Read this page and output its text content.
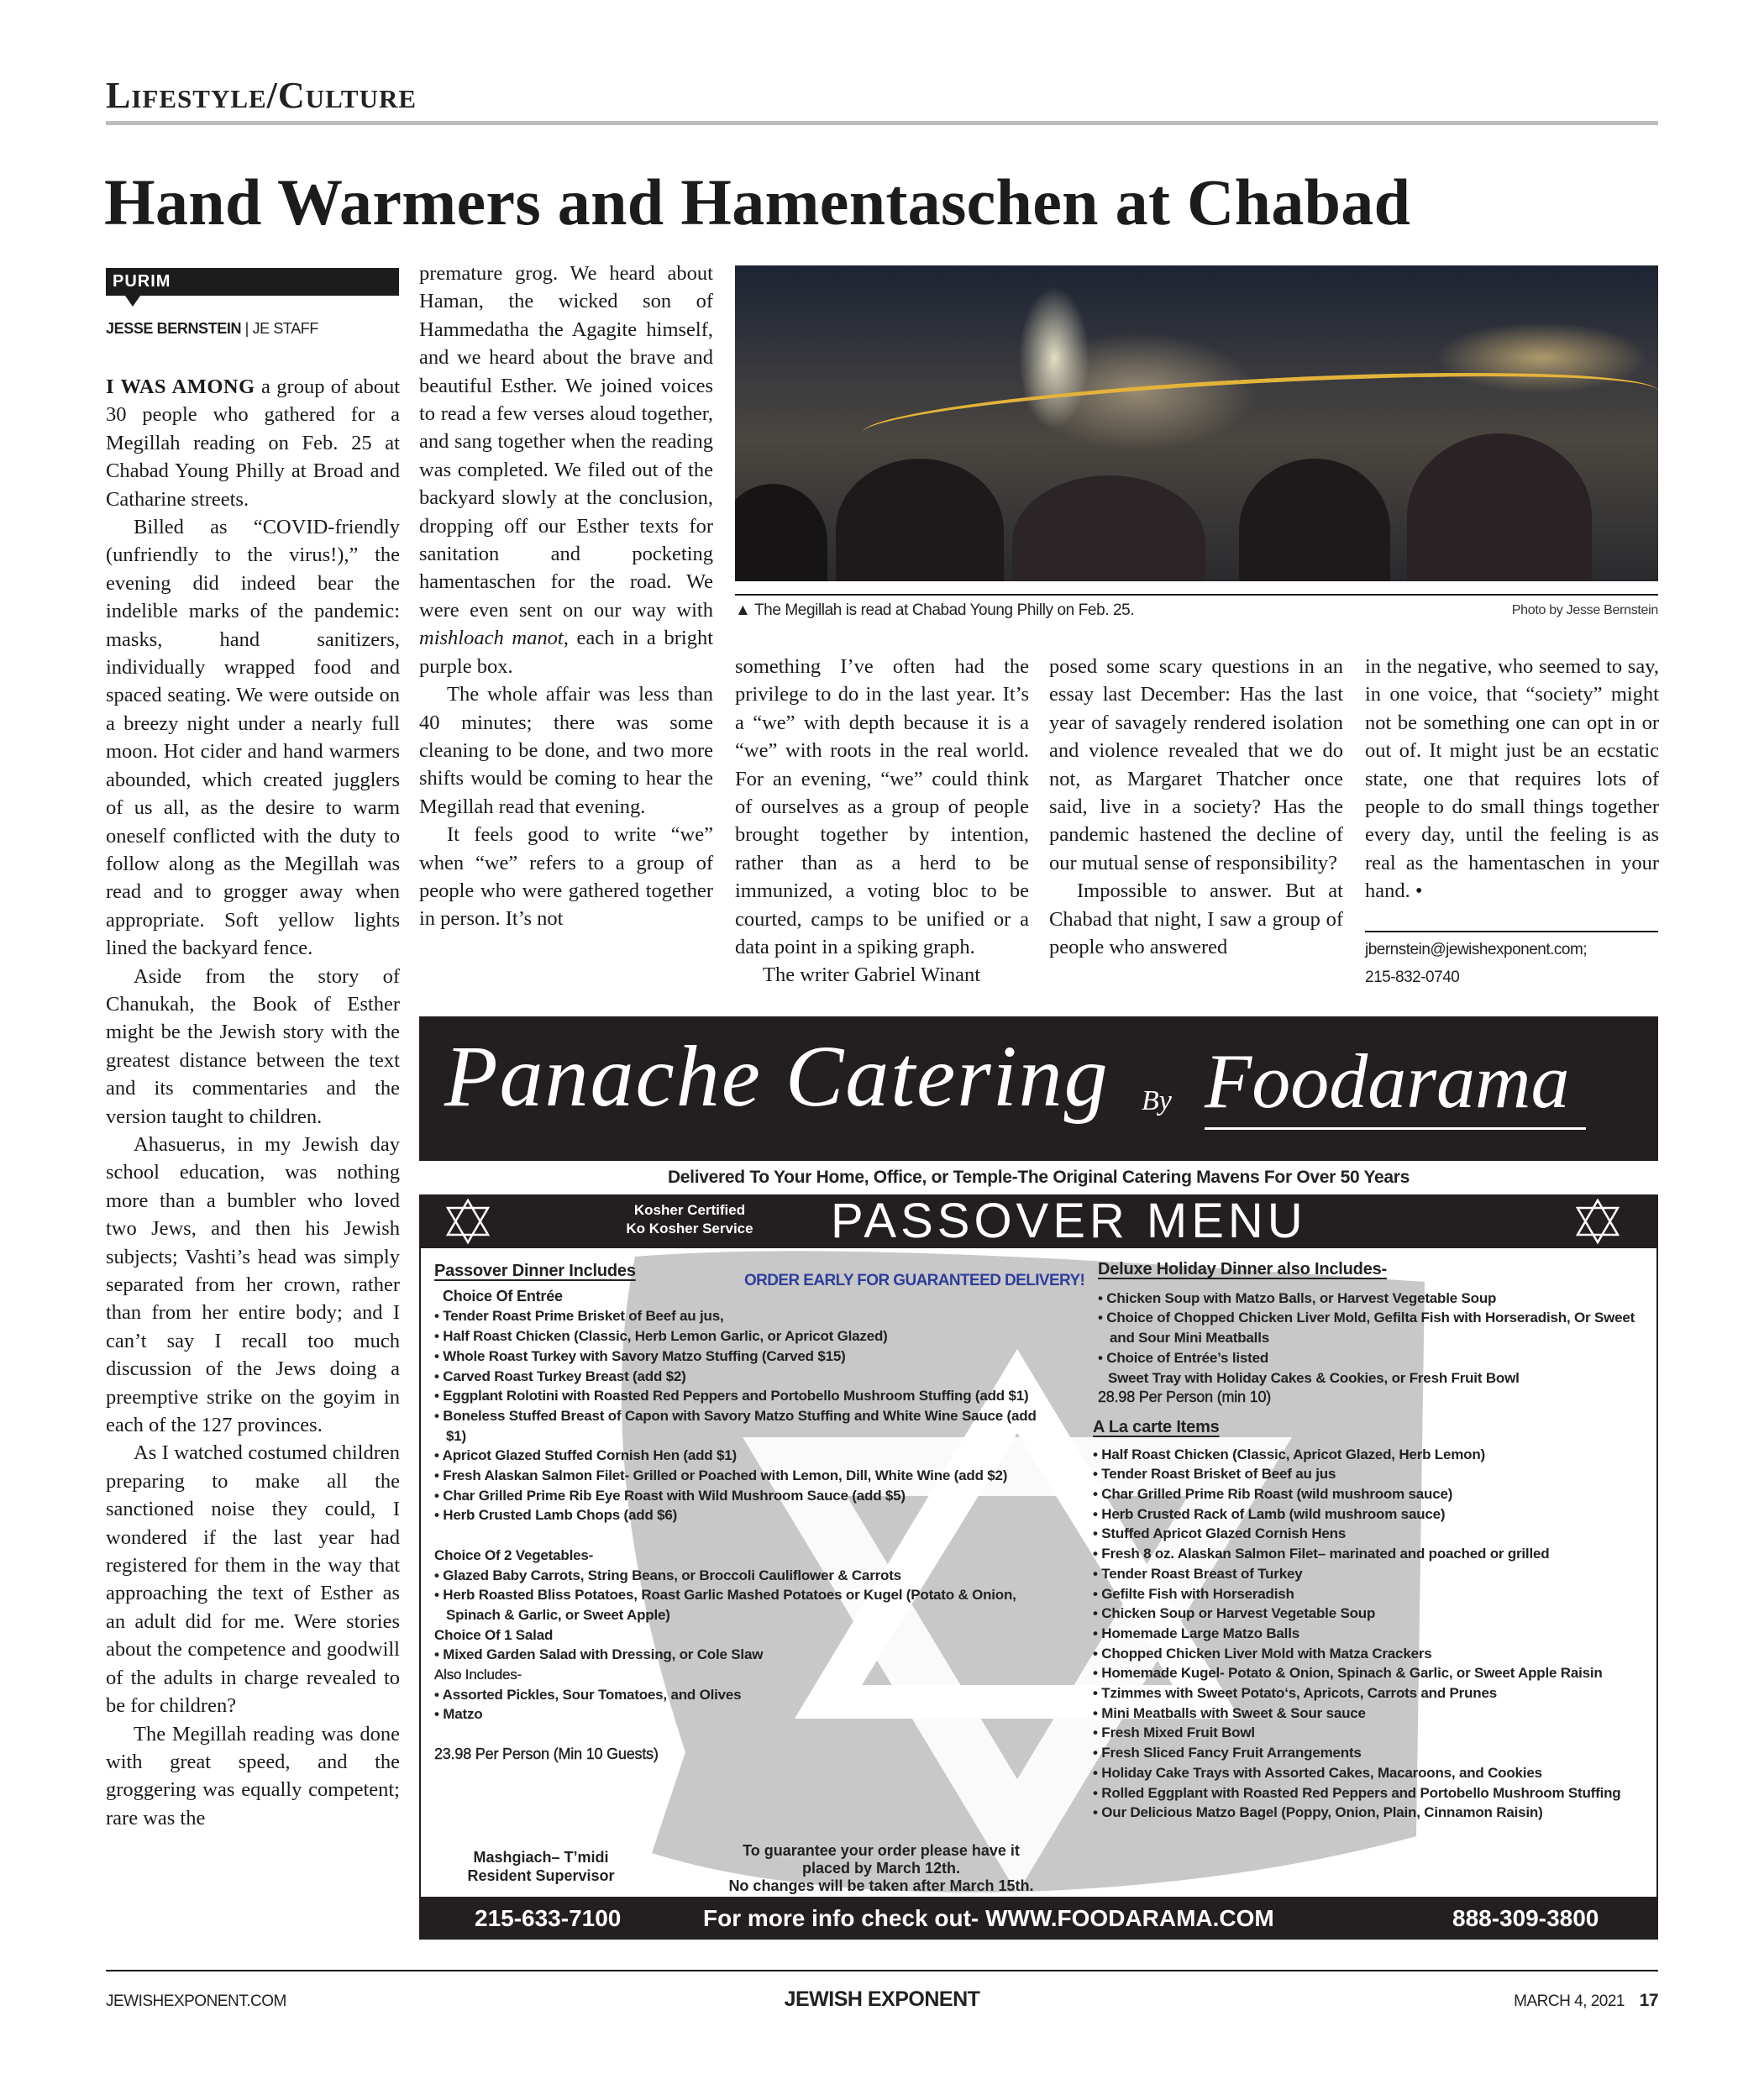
Lifestyle/Culture
Hand Warmers and Hamentaschen at Chabad
PURIM
JESSE BERNSTEIN | JE STAFF

I WAS AMONG a group of about 30 people who gathered for a Megillah reading on Feb. 25 at Chabad Young Philly at Broad and Catharine streets.

Billed as “COVID-friendly (unfriendly to the virus!),” the evening did indeed bear the indelible marks of the pandemic: masks, hand sanitizers, individually wrapped food and spaced seating. We were outside on a breezy night under a nearly full moon. Hot cider and hand warmers abounded, which created jugglers of us all, as the desire to warm oneself conflicted with the duty to follow along as the Megillah was read and to grogger away when appropriate. Soft yellow lights lined the backyard fence.

Aside from the story of Chanukah, the Book of Esther might be the Jewish story with the greatest distance between the text and its commentaries and the version taught to children.

Ahasuerus, in my Jewish day school education, was nothing more than a bumbler who loved two Jews, and then his Jewish subjects; Vashti’s head was simply separated from her crown, rather than from her entire body; and I can’t say I recall too much discussion of the Jews doing a preemptive strike on the goyim in each of the 127 provinces.

As I watched costumed children preparing to make all the sanctioned noise they could, I wondered if the last year had registered for them in the way that approaching the text of Esther as an adult did for me. Were stories about the competence and goodwill of the adults in charge revealed to be for children?

The Megillah reading was done with great speed, and the groggering was equally competent; rare was the

premature grog. We heard about Haman, the wicked son of Hammedatha the Agagite himself, and we heard about the brave and beautiful Esther. We joined voices to read a few verses aloud together, and sang together when the reading was completed. We filed out of the backyard slowly at the conclusion, dropping off our Esther texts for sanitation and pocketing hamentaschen for the road. We were even sent on our way with mishloach manot, each in a bright purple box.

The whole affair was less than 40 minutes; there was some cleaning to be done, and two more shifts would be coming to hear the Megillah read that evening.

It feels good to write “we” when “we” refers to a group of people who were gathered together in person. It’s not

something I’ve often had the privilege to do in the last year. It’s a “we” with depth because it is a “we” with roots in the real world. For an evening, “we” could think of ourselves as a group of people brought together by intention, rather than as a herd to be immunized, a voting bloc to be courted, camps to be unified or a data point in a spiking graph.

The writer Gabriel Winant

posed some scary questions in an essay last December: Has the last year of savagely rendered isolation and violence revealed that we do not, as Margaret Thatcher once said, live in a society? Has the pandemic hastened the decline of our mutual sense of responsibility?

Impossible to answer. But at Chabad that night, I saw a group of people who answered

in the negative, who seemed to say, in one voice, that “society” might not be something one can opt in or out of. It might just be an ecstatic state, one that requires lots of people to do small things together every day, until the feeling is as real as the hamentaschen in your hand. •

▲ The Megillah is read at Chabad Young Philly on Feb. 25.	Photo by Jesse Bernstein
jbernstein@jewishexponent.com;
215-832-0740
Panache Catering By Foodarama
Delivered To Your Home, Office, or Temple-The Original Catering Mavens For Over 50 Years
Kosher Certified
Ko Kosher Service	PASSOVER MENU
ORDER EARLY FOR GUARANTEED DELIVERY!
Passover Dinner Includes
Choice Of Entrée
• Tender Roast Prime Brisket of Beef au jus,
• Half Roast Chicken (Classic, Herb Lemon Garlic, or Apricot Glazed)
• Whole Roast Turkey with Savory Matzo Stuffing (Carved $15)
• Carved Roast Turkey Breast (add $2)
• Eggplant Rolotini with Roasted Red Peppers and Portobello Mushroom Stuffing (add $1)
• Boneless Stuffed Breast of Capon with Savory Matzo Stuffing and White Wine Sauce (add $1)
• Apricot Glazed Stuffed Cornish Hen (add $1)
• Fresh Alaskan Salmon Filet- Grilled or Poached with Lemon, Dill, White Wine (add $2)
• Char Grilled Prime Rib Eye Roast with Wild Mushroom Sauce (add $5)
• Herb Crusted Lamb Chops (add $6)
Choice Of 2 Vegetables-
• Glazed Baby Carrots, String Beans, or Broccoli Cauliflower & Carrots
• Herb Roasted Bliss Potatoes, Roast Garlic Mashed Potatoes or Kugel (Potato & Onion, Spinach & Garlic, or Sweet Apple)
Choice Of 1 Salad
• Mixed Garden Salad with Dressing, or Cole Slaw
Also Includes-
• Assorted Pickles, Sour Tomatoes, and Olives
• Matzo
23.98 Per Person (Min 10 Guests)
Deluxe Holiday Dinner also Includes-
• Chicken Soup with Matzo Balls, or Harvest Vegetable Soup
• Choice of Chopped Chicken Liver Mold, Gefilta Fish with Horseradish, Or Sweet and Sour Mini Meatballs
• Choice of Entrée’s listed
Sweet Tray with Holiday Cakes & Cookies, or Fresh Fruit Bowl
28.98 Per Person (min 10)
A La carte Items
• Half Roast Chicken (Classic, Apricot Glazed, Herb Lemon)
• Tender Roast Brisket of Beef au jus
• Char Grilled Prime Rib Roast (wild mushroom sauce)
• Herb Crusted Rack of Lamb (wild mushroom sauce)
• Stuffed Apricot Glazed Cornish Hens
• Fresh 8 oz. Alaskan Salmon Filet– marinated and poached or grilled
• Tender Roast Breast of Turkey
• Gefilte Fish with Horseradish
• Chicken Soup or Harvest Vegetable Soup
• Homemade Large Matzo Balls
• Chopped Chicken Liver Mold with Matza Crackers
• Homemade Kugel- Potato & Onion, Spinach & Garlic, or Sweet Apple Raisin
• Tzimmes with Sweet Potato‘s, Apricots, Carrots and Prunes
• Mini Meatballs with Sweet & Sour sauce
• Fresh Mixed Fruit Bowl
• Fresh Sliced Fancy Fruit Arrangements
• Holiday Cake Trays with Assorted Cakes, Macaroons, and Cookies
• Rolled Eggplant with Roasted Red Peppers and Portobello Mushroom Stuffing
• Our Delicious Matzo Bagel (Poppy, Onion, Plain, Cinnamon Raisin)
Mashgiach– T’midi
Resident Supervisor
To guarantee your order please have it
placed by March 12th.
No changes will be taken after March 15th.
215-633-7100	For more info check out- WWW.FOODARAMA.COM	888-309-3800
JEWISHEXPONENT.COM	JEWISH EXPONENT	MARCH 4, 2021 17
